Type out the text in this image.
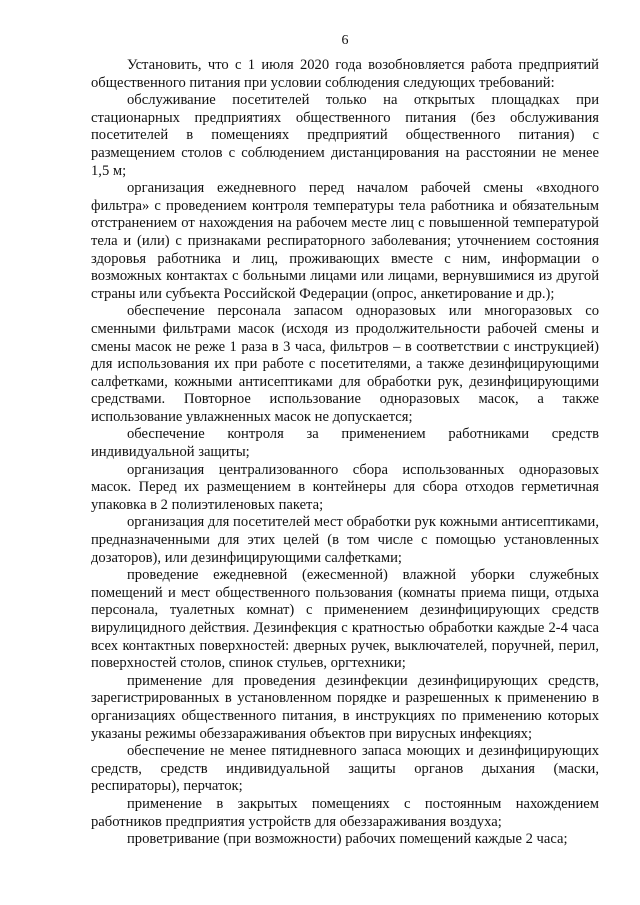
6

Установить, что с 1 июля 2020 года возобновляется работа предприятий общественного питания при условии соблюдения следующих требований:

обслуживание посетителей только на открытых площадках при стационарных предприятиях общественного питания (без обслуживания посетителей в помещениях предприятий общественного питания) с размещением столов с соблюдением дистанцирования на расстоянии не менее 1,5 м;

организация ежедневного перед началом рабочей смены «входного фильтра» с проведением контроля температуры тела работника и обязательным отстранением от нахождения на рабочем месте лиц с повышенной температурой тела и (или) с признаками респираторного заболевания; уточнением состояния здоровья работника и лиц, проживающих вместе с ним, информации о возможных контактах с больными лицами или лицами, вернувшимися из другой страны или субъекта Российской Федерации (опрос, анкетирование и др.);

обеспечение персонала запасом одноразовых или многоразовых со сменными фильтрами масок (исходя из продолжительности рабочей смены и смены масок не реже 1 раза в 3 часа, фильтров – в соответствии с инструкцией) для использования их при работе с посетителями, а также дезинфицирующими салфетками, кожными антисептиками для обработки рук, дезинфицирующими средствами. Повторное использование одноразовых масок, а также использование увлажненных масок не допускается;

обеспечение контроля за применением работниками средств индивидуальной защиты;

организация централизованного сбора использованных одноразовых масок. Перед их размещением в контейнеры для сбора отходов герметичная упаковка в 2 полиэтиленовых пакета;

организация для посетителей мест обработки рук кожными антисептиками, предназначенными для этих целей (в том числе с помощью установленных дозаторов), или дезинфицирующими салфетками;

проведение ежедневной (ежесменной) влажной уборки служебных помещений и мест общественного пользования (комнаты приема пищи, отдыха персонала, туалетных комнат) с применением дезинфицирующих средств вирулицидного действия. Дезинфекция с кратностью обработки каждые 2-4 часа всех контактных поверхностей: дверных ручек, выключателей, поручней, перил, поверхностей столов, спинок стульев, оргтехники;

применение для проведения дезинфекции дезинфицирующих средств, зарегистрированных в установленном порядке и разрешенных к применению в организациях общественного питания, в инструкциях по применению которых указаны режимы обеззараживания объектов при вирусных инфекциях;

обеспечение не менее пятидневного запаса моющих и дезинфицирующих средств, средств индивидуальной защиты органов дыхания (маски, респираторы), перчаток;

применение в закрытых помещениях с постоянным нахождением работников предприятия устройств для обеззараживания воздуха;

проветривание (при возможности) рабочих помещений каждые 2 часа;
